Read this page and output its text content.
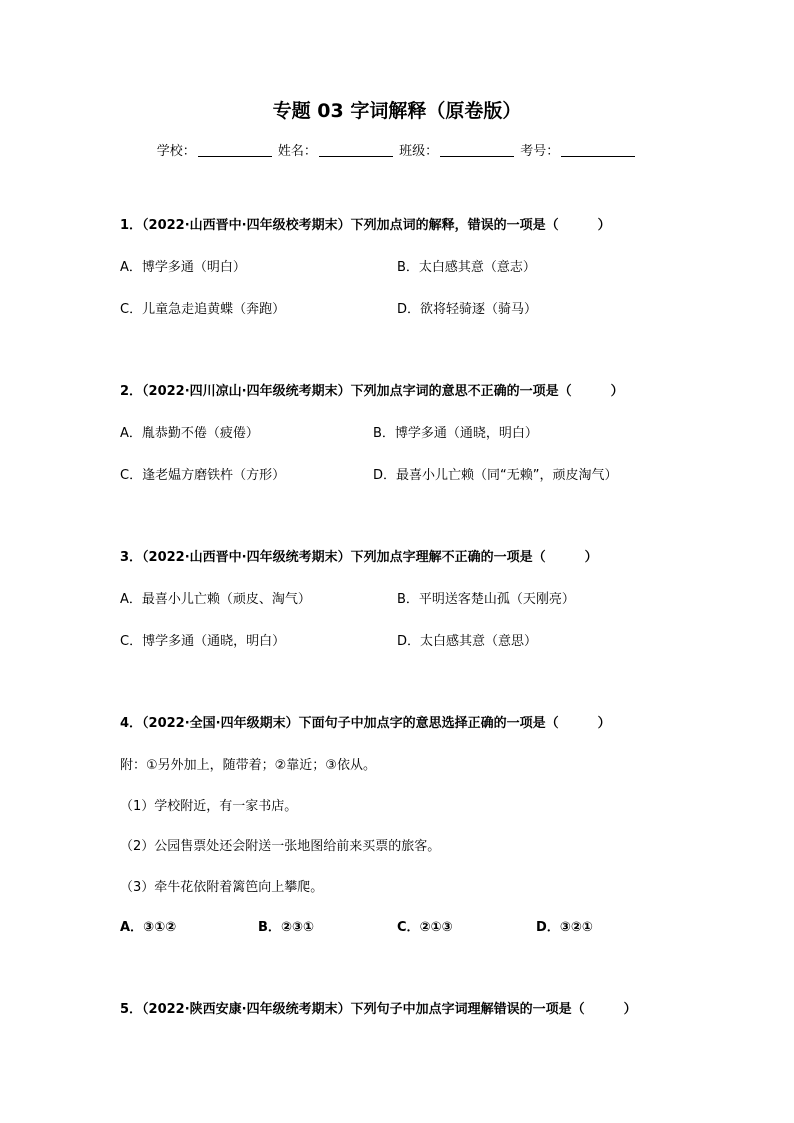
专题 03 字词解释（原卷版）
学校：	姓名：	班级：	考号：
1．（2022·山西晋中·四年级校考期末）下列加点词的解释，错误的一项是（　　　）
A．博学多通（明白）	B．太白感其意（意志）
C．儿童急走追黄蝶（奔跑）	D．欲将轻骑逐（骑马）
2．（2022·四川凉山·四年级统考期末）下列加点字词的意思不正确的一项是（　　　）
A．胤恭勤不倦（疲倦）	B．博学多通（通晓，明白）
C．逢老媪方磨铁杵（方形）	D．最喜小儿亡赖（同“无赖”，顽皮淘气）
3．（2022·山西晋中·四年级统考期末）下列加点字理解不正确的一项是（　　　）
A．最喜小儿亡赖（顽皮、淘气）	B．平明送客楚山孤（天刚亮）
C．博学多通（通晓，明白）	D．太白感其意（意思）
4．（2022·全国·四年级期末）下面句子中加点字的意思选择正确的一项是（　　　）
附：①另外加上，随带着；②靠近；③依从。
（1）学校附近，有一家书店。
（2）公园售票处还会附送一张地图给前来买票的旅客。
（3）牵牛花依附着篱笆向上攀爬。
A．③①②	B．②③①	C．②①③	D．③②①
5．（2022·陕西安康·四年级统考期末）下列句子中加点字词理解错误的一项是（　　　）
